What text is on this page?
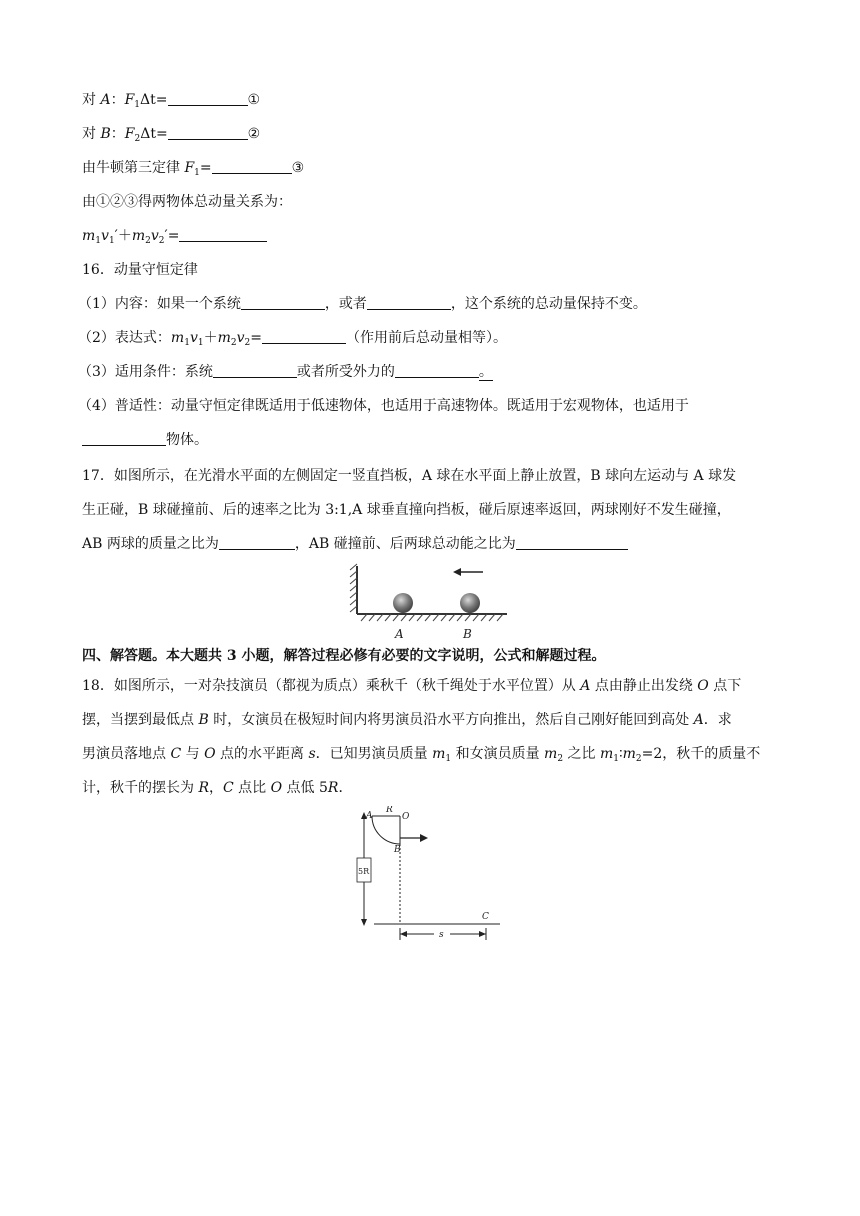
对 A：$F_1\Delta t=$	①
对 B：$F_2\Delta t=$	②
由牛顿第三定律 $F_1=$	③
由①②③得两物体总动量关系为：
$m_1v_1'+m_2v_2'=$
16．动量守恒定律
（1）内容：如果一个系统	，或者	，这个系统的总动量保持不变。
（2）表达式：$m_1v_1+m_2v_2=$	（作用前后总动量相等）。
（3）适用条件：系统	或者所受外力的	。
（4）普适性：动量守恒定律既适用于低速物体，也适用于高速物体。既适用于宏观物体，也适用于
物体。
17．如图所示，在光滑水平面的左侧固定一竖直挡板，A 球在水平面上静止放置，B 球向左运动与 A 球发
生正碰，B 球碰撞前、后的速率之比为 3:1,A 球垂直撞向挡板，碰后原速率返回，两球刚好不发生碰撞，
AB 两球的质量之比为	，AB 碰撞前、后两球总动能之比为
A	B
四、解答题。本大题共 3 小题，解答过程必修有必要的文字说明，公式和解题过程。
18．如图所示，一对杂技演员（都视为质点）乘秋千（秋千绳处于水平位置）从 A 点由静止出发绕 O 点下
摆，当摆到最低点 B 时，女演员在极短时间内将男演员沿水平方向推出，然后自己刚好能回到高处 A．求
男演员落地点 C 与 O 点的水平距离 s．已知男演员质量 $m_1$ 和女演员质量 $m_2$ 之比 $m_1∶m_2=2$，秋千的质量不
计，秋千的摆长为 R，C 点比 O 点低 5R．
5R
A
R
O
B
C
s
